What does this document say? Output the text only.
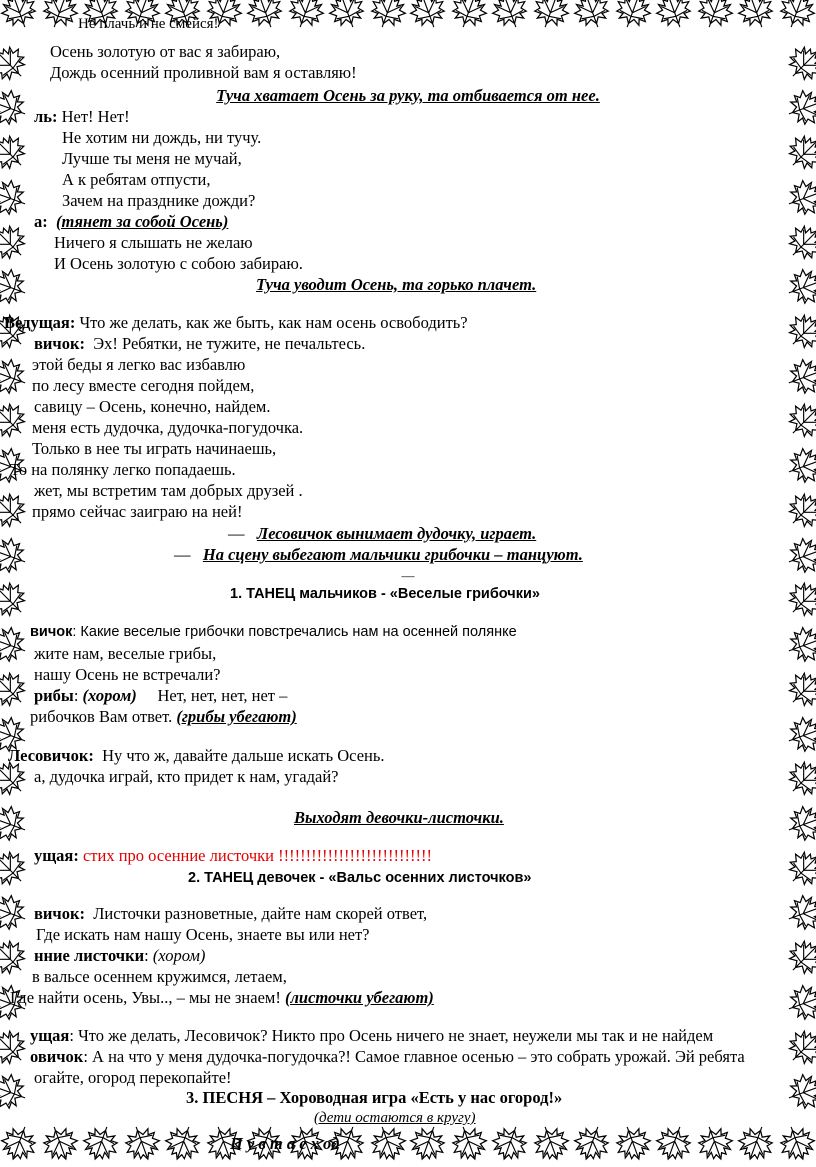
Не плачь и не смейся!
Осень золотую от вас я забираю,
Дождь осенний проливной вам я оставляю!
Туча хватает Осень за руку, та отбивается от нее.
ль: Нет! Нет!
Не хотим ни дождь, ни тучу.
Лучше ты меня не мучай,
А к ребятам отпусти,
Зачем на празднике дожди?
а: (тянет за собой Осень)
Ничего я слышать не желаю
И Осень золотую с собою забираю.
Туча уводит Осень, та горько плачет.
Ведущая: Что же делать, как же быть, как нам осень освободить?
вичок: Эх! Ребятки, не тужите, не печальтесь.
этой беды я легко вас избавлю
по лесу вместе сегодня пойдем,
савицу – Осень, конечно, найдем.
меня есть дудочка, дудочка-погудочка.
Только в нее ты играть начинаешь,
То на полянку легко попадаешь.
жет, мы встретим там добрых друзей .
прямо сейчас заиграю на ней!
—   Лесовичок вынимает дудочку, играет.
—   На сцену выбегают мальчики грибочки – танцуют.
—
1. ТАНЕЦ мальчиков - «Веселые грибочки»
вичок: Какие веселые грибочки повстречались нам на осенней полянке
жите нам, веселые грибы,
нашу Осень не встречали?
рибы: (хором) Нет, нет, нет, нет –
рибочков Вам ответ. (грибы убегают)
Лесовичок: Ну что ж, давайте дальше искать Осень.
а, дудочка играй, кто придет к нам, угадай?
Выходят девочки-листочки.
ущая: стих про осенние листочки !!!!!!!!!!!!!!!!!!!!!!!!!!!!
2. ТАНЕЦ девочек - «Вальс осенних листочков»
вичок: Листочки разноветные, дайте нам скорей ответ,
Где искать нам нашу Осень, знаете вы или нет?
нние листочки: (хором)
в вальсе осеннем кружимся, летаем,
Где найти осень, Увы.., – мы не знаем! (листочки убегают)
ущая: Что же делать, Лесовичок? Никто про Осень ничего не знает, неужели мы так и не найдем
овичок: А на что у меня дудочка-погудочка?! Самое главное осенью – это собрать урожай. Эй ребята
огайте, огород перекопайте!
3. ПЕСНЯ – Хороводная игра «Есть у нас огород!»
(дети остаются в кругу)
П у в т а е х од
